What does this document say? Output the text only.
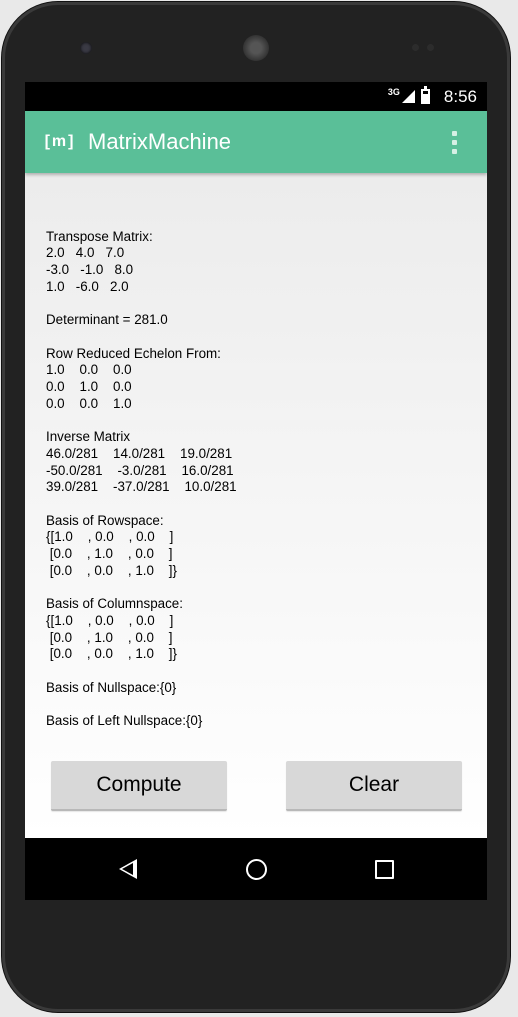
3G	8:56
[m] MatrixMachine

Transpose Matrix:
2.0   4.0   7.0
-3.0   -1.0   8.0
1.0   -6.0   2.0

Determinant = 281.0

Row Reduced Echelon From:
1.0    0.0    0.0
0.0    1.0    0.0
0.0    0.0    1.0

Inverse Matrix
46.0/281    14.0/281    19.0/281
-50.0/281    -3.0/281    16.0/281
39.0/281    -37.0/281    10.0/281

Basis of Rowspace:
{[1.0    , 0.0    , 0.0    ]
[0.0    , 1.0    , 0.0    ]
[0.0    , 0.0    , 1.0    ]}

Basis of Columnspace:
{[1.0    , 0.0    , 0.0    ]
[0.0    , 1.0    , 0.0    ]
[0.0    , 0.0    , 1.0    ]}

Basis of Nullspace:{0}

Basis of Left Nullspace:{0}
Compute	Clear
